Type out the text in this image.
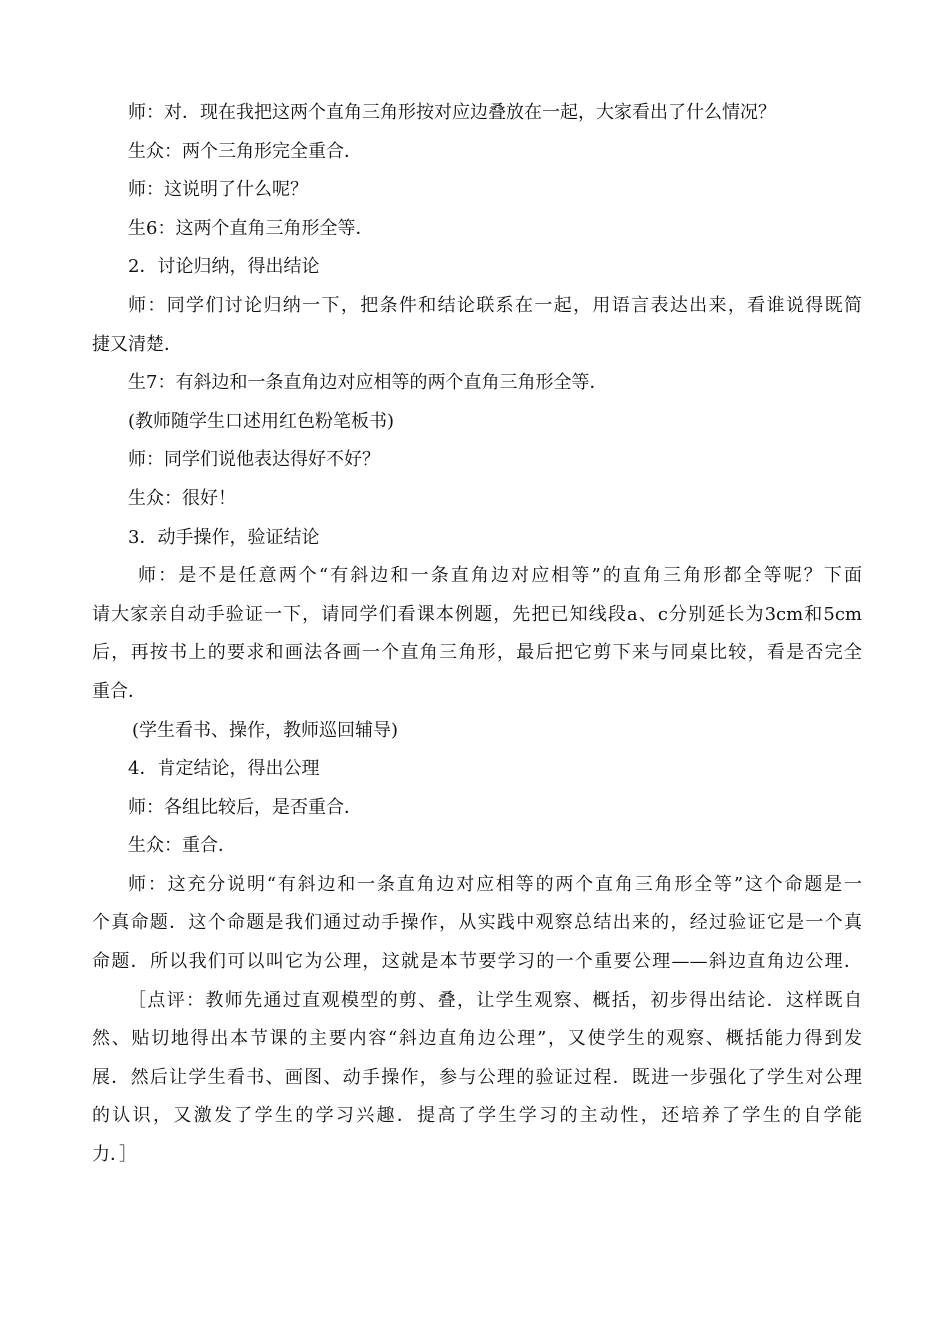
师：对．现在我把这两个直角三角形按对应边叠放在一起，大家看出了什么情况？
生众：两个三角形完全重合．
师：这说明了什么呢？
生6：这两个直角三角形全等．
2．讨论归纳，得出结论
师：同学们讨论归纳一下，把条件和结论联系在一起，用语言表达出来，看谁说得既简
捷又清楚．
生7：有斜边和一条直角边对应相等的两个直角三角形全等．
(教师随学生口述用红色粉笔板书)
师：同学们说他表达得好不好？
生众：很好！
3．动手操作，验证结论
师：是不是任意两个“有斜边和一条直角边对应相等”的直角三角形都全等呢？下面
请大家亲自动手验证一下，请同学们看课本例题，先把已知线段a、c分别延长为3cm和5cm
后，再按书上的要求和画法各画一个直角三角形，最后把它剪下来与同桌比较，看是否完全
重合．
(学生看书、操作，教师巡回辅导)
4．肯定结论，得出公理
师：各组比较后，是否重合．
生众：重合．
师：这充分说明“有斜边和一条直角边对应相等的两个直角三角形全等”这个命题是一
个真命题．这个命题是我们通过动手操作，从实践中观察总结出来的，经过验证它是一个真
命题．所以我们可以叫它为公理，这就是本节要学习的一个重要公理——斜边直角边公理．
［点评：教师先通过直观模型的剪、叠，让学生观察、概括，初步得出结论．这样既自
然、贴切地得出本节课的主要内容“斜边直角边公理”，又使学生的观察、概括能力得到发
展．然后让学生看书、画图、动手操作，参与公理的验证过程．既进一步强化了学生对公理
的认识，又激发了学生的学习兴趣．提高了学生学习的主动性，还培养了学生的自学能
力．］
